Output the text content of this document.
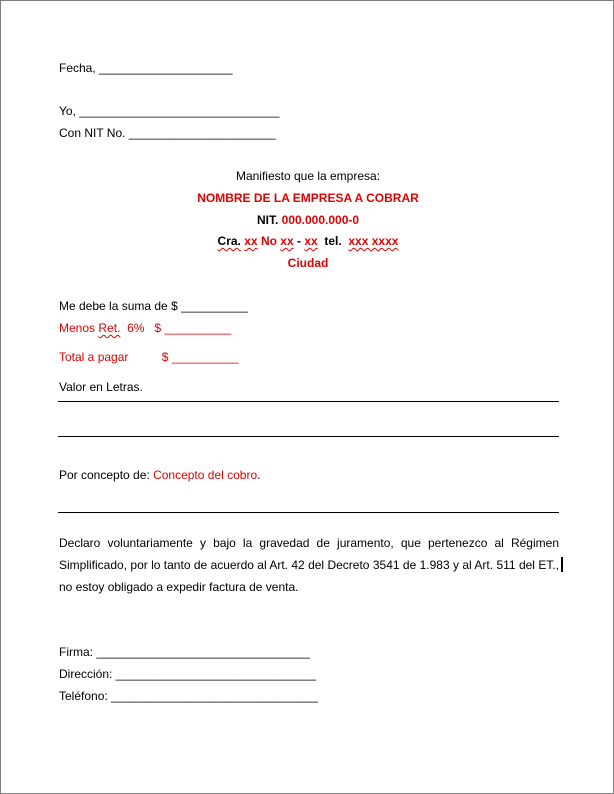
Fecha, ____________________
Yo, ______________________________
Con NIT No. ______________________
Manifiesto que la empresa:
NOMBRE DE LA EMPRESA A COBRAR
NIT. 000.000.000-0
Cra. xx No xx - xx tel. xxx xxxx
Ciudad
Me debe la suma de $ __________
Menos Ret. 6%   $ __________
Total a pagar          $ __________
Valor en Letras.
Por concepto de: Concepto del cobro.
Declaro voluntariamente y bajo la gravedad de juramento, que pertenezco al Régimen Simplificado, por lo tanto de acuerdo al Art. 42 del Decreto 3541 de 1.983 y al Art. 511 del ET., no estoy obligado a expedir factura de venta.
Firma: ________________________________
Dirección: ______________________________
Teléfono: _______________________________
